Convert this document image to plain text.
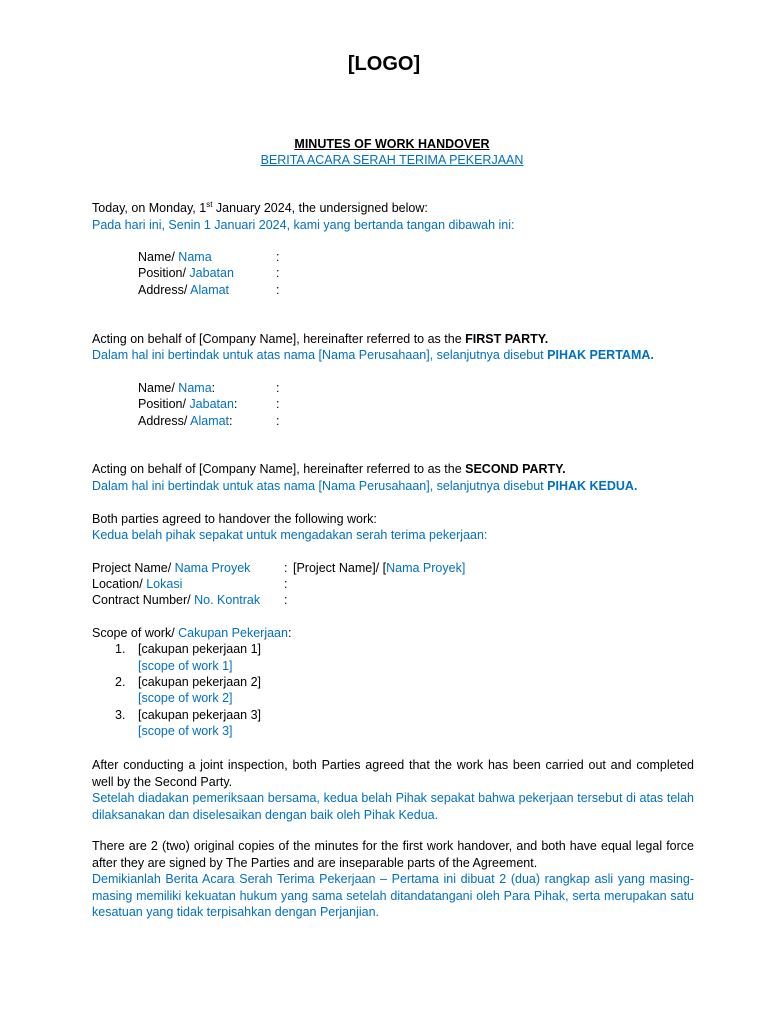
[LOGO]
MINUTES OF WORK HANDOVER
BERITA ACARA SERAH TERIMA PEKERJAAN
Today, on Monday, 1st January 2024, the undersigned below:
Pada hari ini, Senin 1 Januari 2024, kami yang bertanda tangan dibawah ini:
Name/ Nama	:
Position/ Jabatan	:
Address/ Alamat	:
Acting on behalf of [Company Name], hereinafter referred to as the FIRST PARTY.
Dalam hal ini bertindak untuk atas nama [Nama Perusahaan], selanjutnya disebut PIHAK PERTAMA.
Name/ Nama:	:
Position/ Jabatan:	:
Address/ Alamat:	:
Acting on behalf of [Company Name], hereinafter referred to as the SECOND PARTY.
Dalam hal ini bertindak untuk atas nama [Nama Perusahaan], selanjutnya disebut PIHAK KEDUA.
Both parties agreed to handover the following work:
Kedua belah pihak sepakat untuk mengadakan serah terima pekerjaan:
Project Name/ Nama Proyek	: [Project Name]/ [Nama Proyek]
Location/ Lokasi	:
Contract Number/ No. Kontrak :
Scope of work/ Cakupan Pekerjaan:
1. [cakupan pekerjaan 1]
[scope of work 1]
2. [cakupan pekerjaan 2]
[scope of work 2]
3. [cakupan pekerjaan 3]
[scope of work 3]
After conducting a joint inspection, both Parties agreed that the work has been carried out and completed well by the Second Party.
Setelah diadakan pemeriksaan bersama, kedua belah Pihak sepakat bahwa pekerjaan tersebut di atas telah dilaksanakan dan diselesaikan dengan baik oleh Pihak Kedua.
There are 2 (two) original copies of the minutes for the first work handover, and both have equal legal force after they are signed by The Parties and are inseparable parts of the Agreement.
Demikianlah Berita Acara Serah Terima Pekerjaan – Pertama ini dibuat 2 (dua) rangkap asli yang masing-masing memiliki kekuatan hukum yang sama setelah ditandatangani oleh Para Pihak, serta merupakan satu kesatuan yang tidak terpisahkan dengan Perjanjian.
